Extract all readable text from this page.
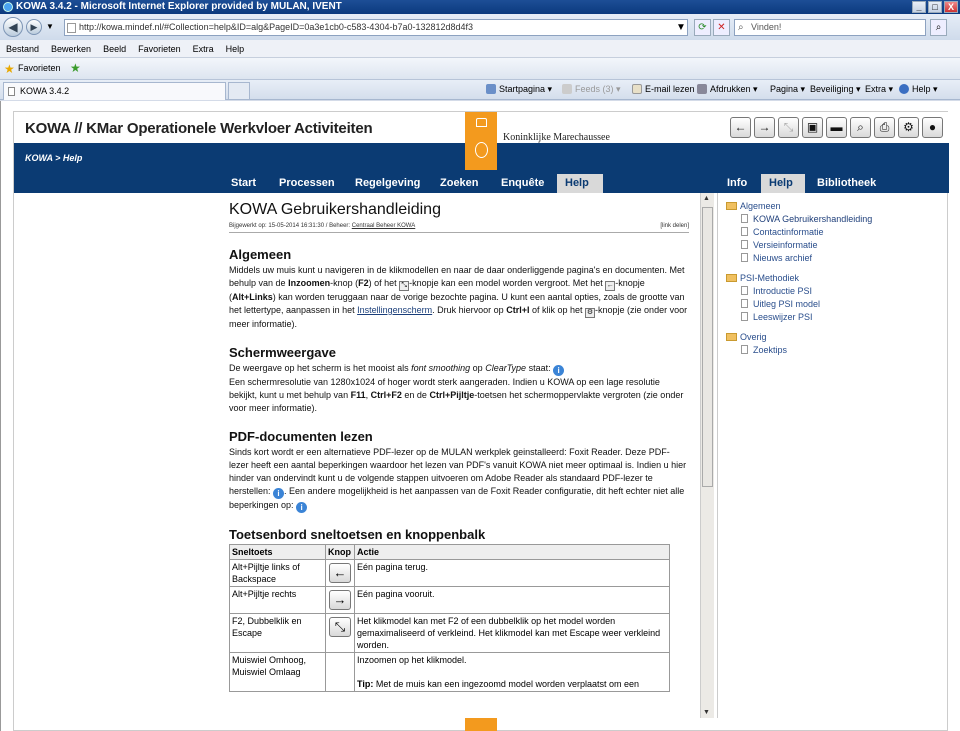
KOWA 3.4.2 - Microsoft Internet Explorer provided by MULAN, IVENT	_	□	X
◀	▶	▼	http://kowa.mindef.nl/#Collection=help&ID=alg&PageID=0a3e1cb0-c583-4304-b7a0-132812d8d4f3	▼	⟳	✕	⌕ Vinden!	⌕
Bestand	Bewerken	Beeld	Favorieten	Extra	Help
★ Favorieten ★
KOWA 3.4.2	Startpagina ▾	Feeds (3) ▾	E-mail lezen	Afdrukken ▾ Pagina ▾ Beveiliging ▾ Extra ▾	Help ▾
KOWA // KMar Operationele Werkvloer Activiteiten
Koninklijke Marechaussee
←	→	⤡	▣	▬	⌕	⎙	⚙	●
KOWA > Help
Start	Processen	Regelgeving	Zoeken	Enquête	Help	Info	Help	Bibliotheek
KOWA Gebruikershandleiding
Bijgewerkt op: 15-05-2014 16:31:30 / Beheer: Centraal Beheer KOWA	[link delen]
Algemeen

Middels uw muis kunt u navigeren in de klikmodellen en naar de daar onderliggende pagina's en documenten. Met behulp van de Inzoomen-knop (F2) of het ⤡ -knopje kan een model worden vergroot. Met het ← -knopje (Alt+Links) kan worden teruggaan naar de vorige bezochte pagina. U kunt een aantal opties, zoals de grootte van het lettertype, aanpassen in het Instellingenscherm. Druk hiervoor op Ctrl+I of klik op het ⚙ -knopje (zie onder voor meer informatie).

Schermweergave

De weergave op het scherm is het mooist als font smoothing op ClearType staat: i
Een schermresolutie van 1280x1024 of hoger wordt sterk aangeraden. Indien u KOWA op een lage resolutie bekijkt, kunt u met behulp van F11, Ctrl+F2 en de Ctrl+Pijltje-toetsen het schermoppervlakte vergroten (zie onder voor meer informatie).

PDF-documenten lezen

Sinds kort wordt er een alternatieve PDF-lezer op de MULAN werkplek geinstalleerd: Foxit Reader. Deze PDF-lezer heeft een aantal beperkingen waardoor het lezen van PDF's vanuit KOWA niet meer optimaal is. Indien u hier hinder van ondervindt kunt u de volgende stappen uitvoeren om Adobe Reader als standaard PDF-lezer te herstellen: i . Een andere mogelijkheid is het aanpassen van de Foxit Reader configuratie, dit heft echter niet alle beperkingen op: i

Toetsenbord sneltoetsen en knoppenbalk
Sneltoets	Knop	Actie
Alt+Pijltje links of Backspace	←	Eén pagina terug.
Alt+Pijltje rechts	→	Eén pagina vooruit.
F2, Dubbelklik en Escape	⤡	Het klikmodel kan met F2 of een dubbelklik op het model worden gemaximaliseerd of verkleind. Het klikmodel kan met Escape weer verkleind worden.
Muiswiel Omhoog, Muiswiel Omlaag		Inzoomen op het klikmodel.

Tip: Met de muis kan een ingezoomd model worden verplaatst om een
▲
▼
Algemeen
KOWA Gebruikershandleiding
Contactinformatie
Versieinformatie
Nieuws archief
PSI-Methodiek
Introductie PSI
Uitleg PSI model
Leeswijzer PSI
Overig
Zoektips
